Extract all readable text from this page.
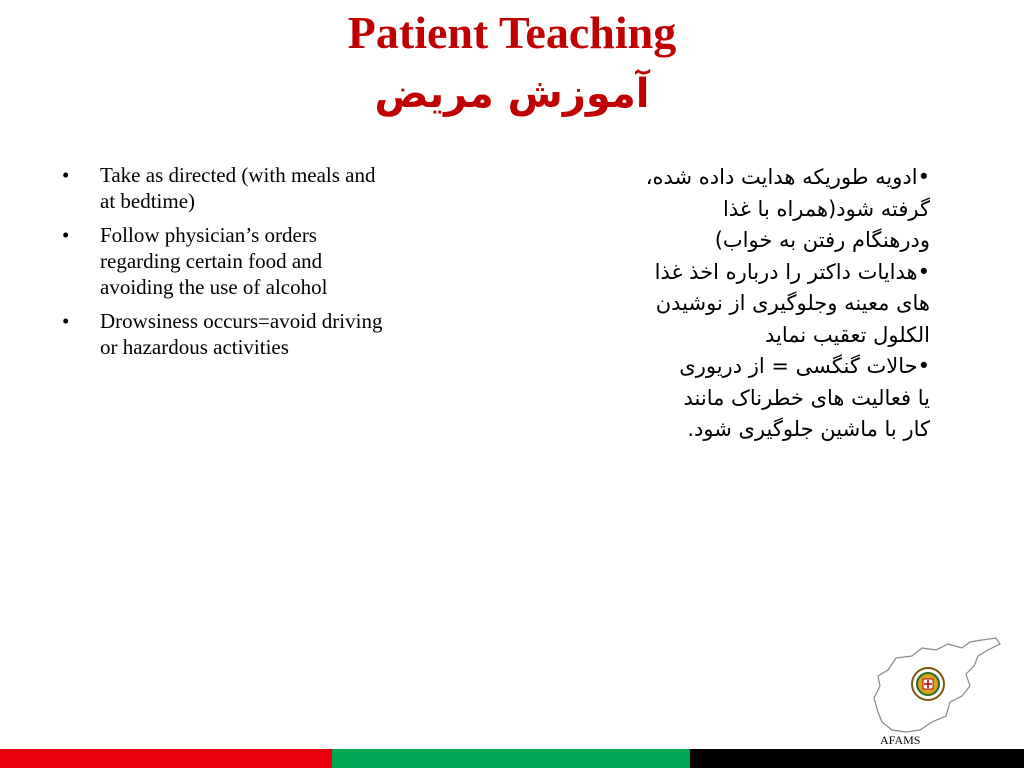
Patient Teaching
آموزش مریض
• Take as directed (with meals and at bedtime)
• Follow physician’s orders regarding certain food and avoiding the use of alcohol
• Drowsiness occurs=avoid driving or hazardous activities
•ادویه طوریکه هدایت داده شده،
گرفته شود(همراه با غذا
ودرهنگام رفتن به خواب)
•هدایات داکتر را درباره اخذ غذا
های معینه وجلوگیری از نوشیدن
الکلول تعقیب نماید
•حالات گنگسی = از دریوری
یا فعالیت های خطرناک مانند
کار با ماشین جلوگیری شود.
AFAMS
